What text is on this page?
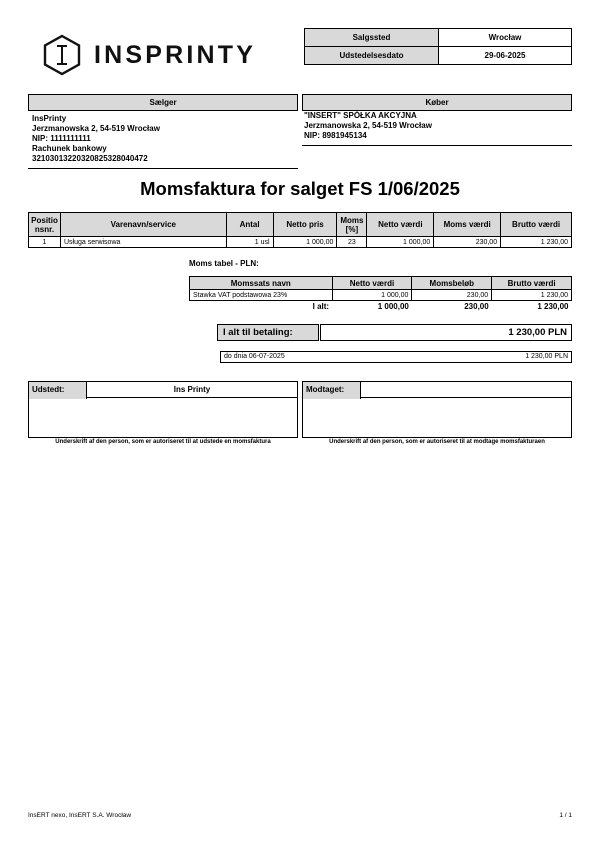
INSPRINTY
Salgssted	Wrocław
Udstedelsesdato	29-06-2025
Sælger
InsPrinty
Jerzmanowska 2, 54-519 Wrocław
NIP: 1111111111
Rachunek bankowy
32103013220320825328040472
Køber
"INSERT" SPÓŁKA AKCYJNA
Jerzmanowska 2, 54-519 Wrocław
NIP: 8981945134
Momsfaktura for salget FS 1/06/2025
Positio nsnr.	Varenavn/service	Antal	Netto pris	Moms [%]	Netto værdi	Moms værdi	Brutto værdi
1	Usługa serwisowa	1 usl	1 000,00	23	1 000,00	230,00	1 230,00
Moms tabel - PLN:
Momssats navn	Netto værdi	Momsbeløb	Brutto værdi
Stawka VAT podstawowa 23%	1 000,00	230,00	1 230,00
I alt:	1 000,00	230,00	1 230,00
I alt til betaling:	1 230,00 PLN
do dnia 06-07-2025	1 230,00 PLN
Udstedt:	Ins Printy
Underskrift af den person, som er autoriseret til at udstede en momsfaktura
Modtaget:
Underskrift af den person, som er autoriseret til at modtage momsfakturaen
InsERT nexo, InsERT S.A. Wrocław	1 / 1
